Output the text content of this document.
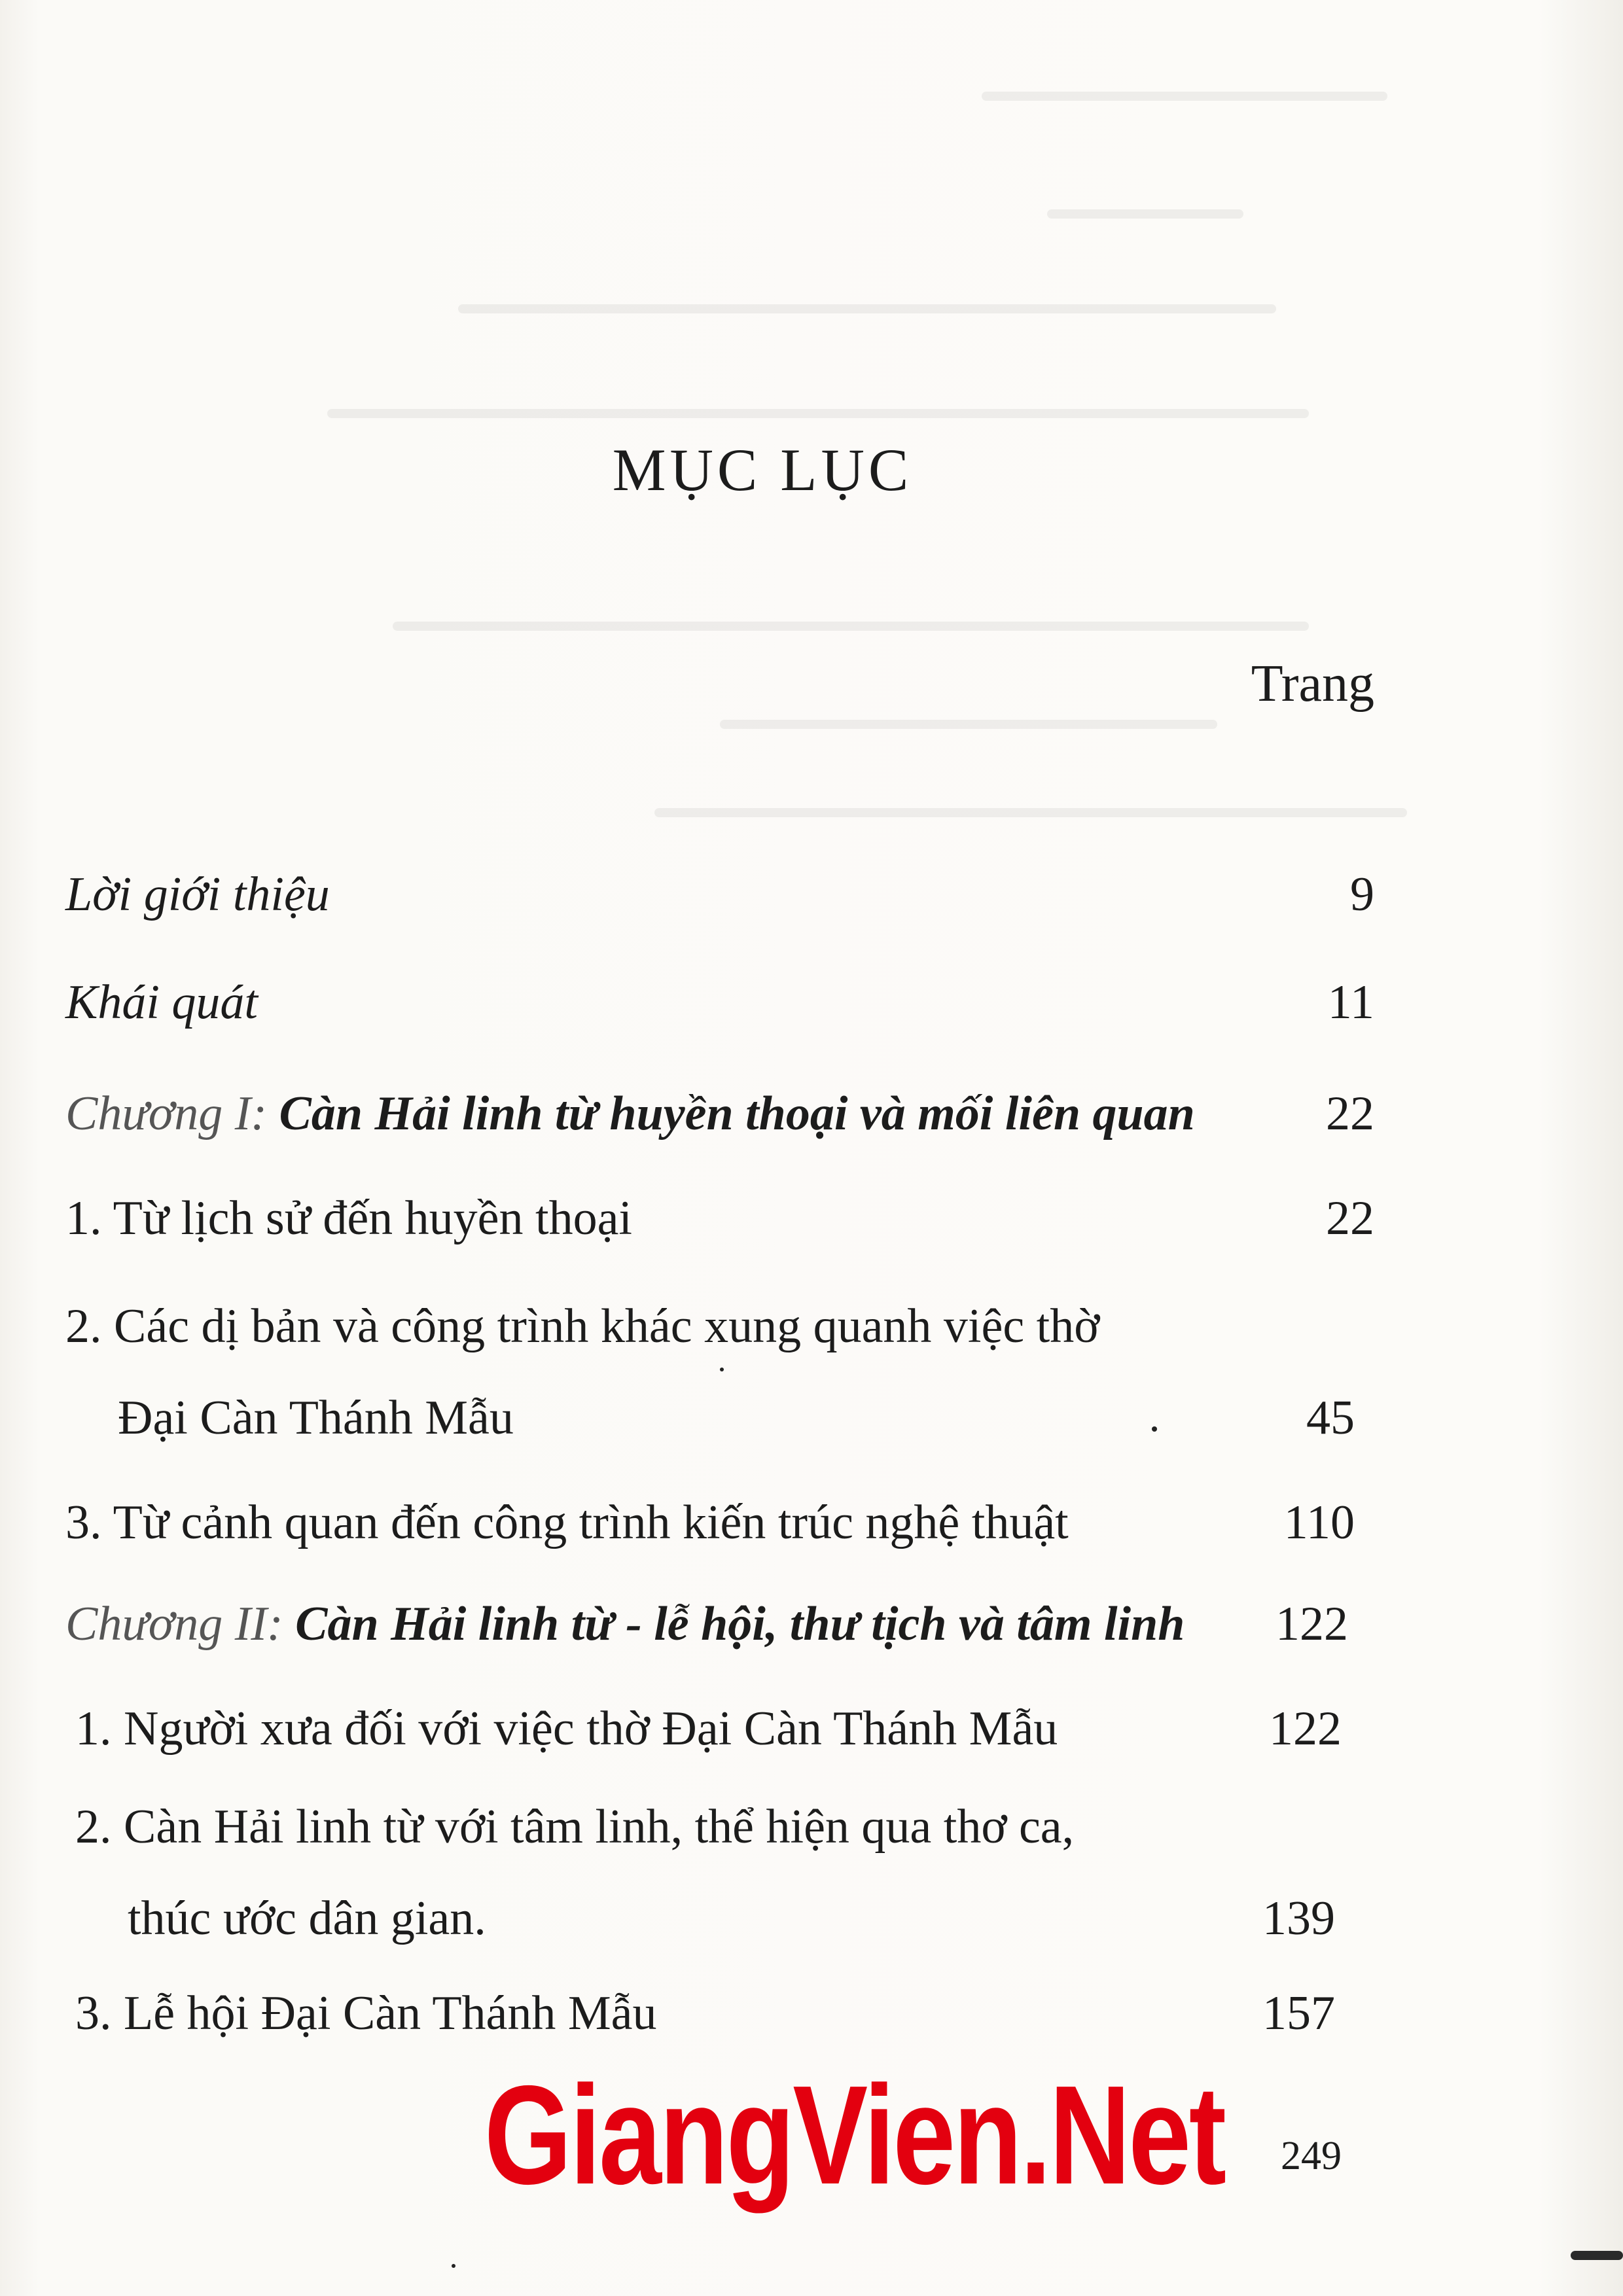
MỤC LỤC
Trang
Lời giới thiệu	9
Khái quát	11
Chương I: Càn Hải linh từ huyền thoại và mối liên quan	22
1. Từ lịch sử đến huyền thoại	22
2. Các dị bản và công trình khác xung quanh việc thờ
Đại Càn Thánh Mẫu	45
3. Từ cảnh quan đến công trình kiến trúc nghệ thuật	110
Chương II: Càn Hải linh từ - lễ hội, thư tịch và tâm linh	122
1. Người xưa đối với việc thờ Đại Càn Thánh Mẫu	122
2. Càn Hải linh từ với tâm linh, thể hiện qua thơ ca,
thúc ước dân gian.	139
3. Lễ hội Đại Càn Thánh Mẫu	157
GiangVien.Net	249
